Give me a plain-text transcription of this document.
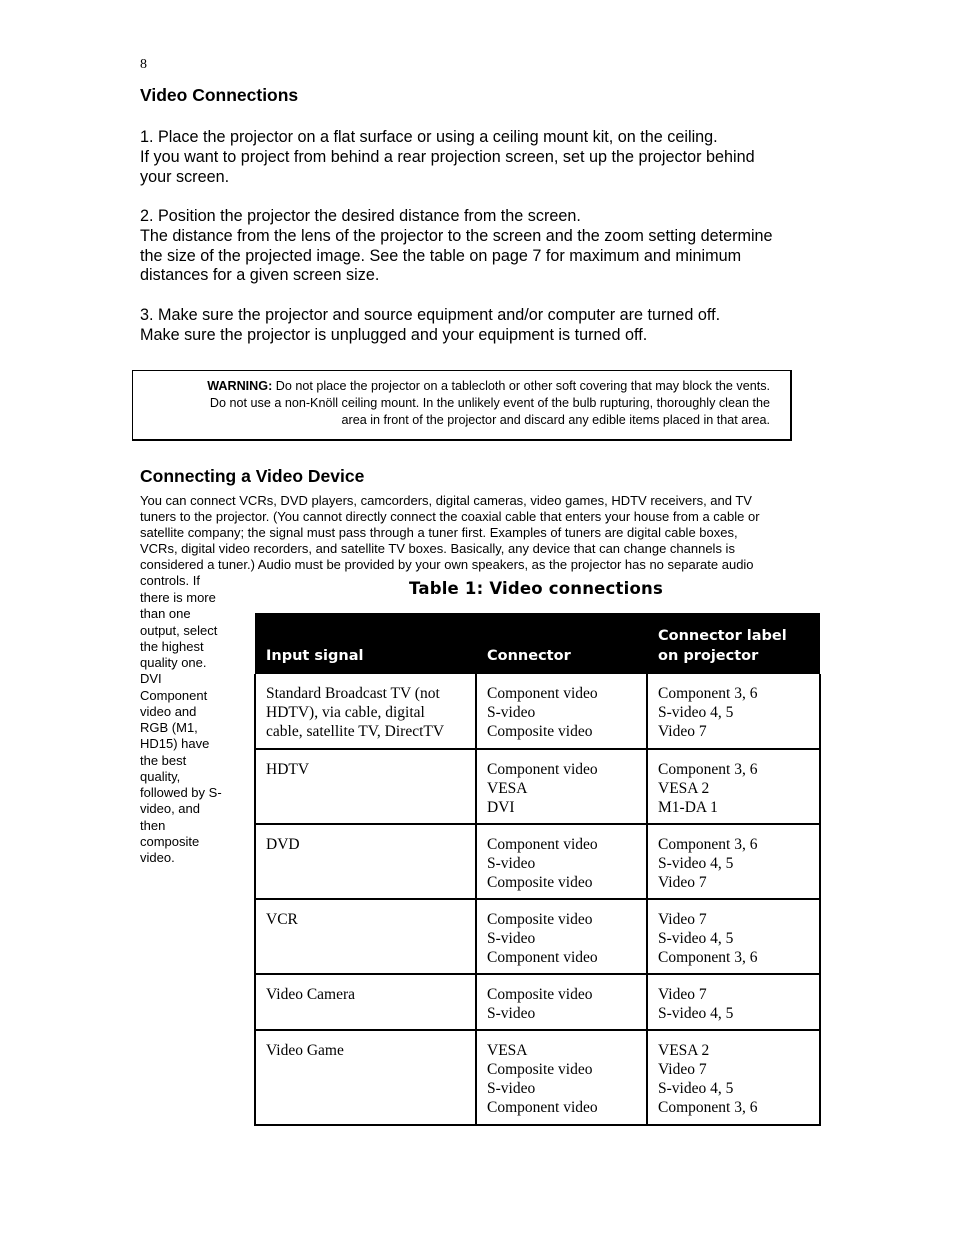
8
Video Connections

1. Place the projector on a flat surface or using a ceiling mount kit, on the ceiling.

If you want to project from behind a rear projection screen, set up the projector behind

your screen.

2. Position the projector the desired distance from the screen.

The distance from the lens of the projector to the screen and the zoom setting determine

the size of the projected image. See the table on page 7 for maximum and minimum

distances for a given screen size.

3. Make sure the projector and source equipment and/or computer are turned off.

Make sure the projector is unplugged and your equipment is turned off.

WARNING: Do not place the projector on a tablecloth or other soft covering that may block the vents.

Do not use a non-Knöll ceiling mount. In the unlikely event of the bulb rupturing, thoroughly clean the

area in front of the projector and discard any edible items placed in that area.

Connecting a Video Device

You can connect VCRs, DVD players, camcorders, digital cameras, video games, HDTV receivers, and TV

tuners to the projector. (You cannot directly connect the coaxial cable that enters your house from a cable or

satellite company; the signal must pass through a tuner first. Examples of tuners are digital cable boxes,

VCRs, digital video recorders, and satellite TV boxes. Basically, any device that can change channels is

considered a tuner.) Audio must be provided by your own speakers, as the projector has no separate audio

controls. If

there is more

than one

output, select

the highest

quality one.

DVI

Component

video and

RGB (M1,

HD15) have

the best

quality,

followed by S-

video, and

then

composite

video.

Table 1: Video connections
Input signal	Connector	Connector label on projector

Standard Broadcast TV (not
HDTV), via cable, digital
cable, satellite TV, DirectTV	Component video
S-video
Composite video	Component 3, 6
S-video 4, 5
Video 7

HDTV	Component video
VESA
DVI	Component 3, 6
VESA 2
M1-DA 1

DVD	Component video
S-video
Composite video	Component 3, 6
S-video 4, 5
Video 7

VCR	Composite video
S-video
Component video	Video 7
S-video 4, 5
Component 3, 6

Video Camera	Composite video
S-video	Video 7
S-video 4, 5

Video Game	VESA
Composite video
S-video
Component video	VESA 2
Video 7
S-video 4, 5
Component 3, 6
